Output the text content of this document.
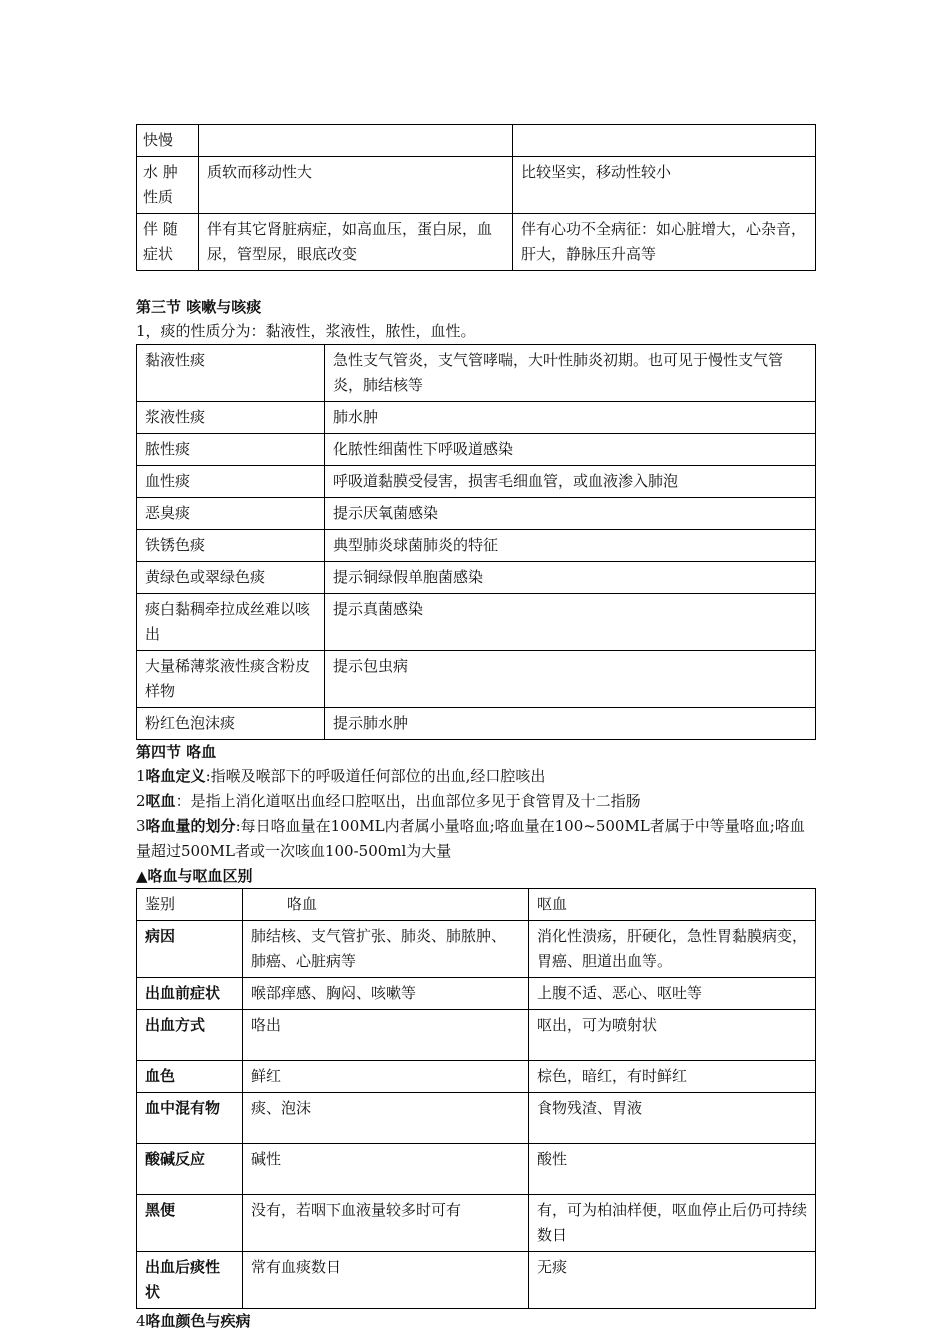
快慢		
水 肿性质	质软而移动性大	比较坚实，移动性较小
伴 随症状	伴有其它肾脏病症，如高血压，蛋白尿，血尿，管型尿，眼底改变	伴有心功不全病征：如心脏增大，心杂音，肝大，静脉压升高等
第三节 咳嗽与咳痰
1，痰的性质分为：黏液性，浆液性，脓性，血性。
黏液性痰	急性支气管炎，支气管哮喘，大叶性肺炎初期。也可见于慢性支气管炎，肺结核等
浆液性痰	肺水肿
脓性痰	化脓性细菌性下呼吸道感染
血性痰	呼吸道黏膜受侵害，损害毛细血管，或血液渗入肺泡
恶臭痰	提示厌氧菌感染
铁锈色痰	典型肺炎球菌肺炎的特征
黄绿色或翠绿色痰	提示铜绿假单胞菌感染
痰白黏稠牵拉成丝难以咳出	提示真菌感染
大量稀薄浆液性痰含粉皮样物	提示包虫病
粉红色泡沫痰	提示肺水肿
第四节 咯血
1咯血定义:指喉及喉部下的呼吸道任何部位的出血,经口腔咳出
2呕血：是指上消化道呕出血经口腔呕出，出血部位多见于食管胃及十二指肠
3咯血量的划分:每日咯血量在100ML内者属小量咯血;咯血量在100~500ML者属于中等量咯血;咯血量超过500ML者或一次咳血100-500ml为大量
▲咯血与呕血区别
鉴别	咯血	呕血
病因	肺结核、支气管扩张、肺炎、肺脓肿、肺癌、心脏病等	消化性溃疡，肝硬化，急性胃黏膜病变，胃癌、胆道出血等。
出血前症状	喉部痒感、胸闷、咳嗽等	上腹不适、恶心、呕吐等
出血方式	咯出	呕出，可为喷射状
血色	鲜红	棕色，暗红，有时鲜红
血中混有物	痰、泡沫	食物残渣、胃液
酸碱反应	碱性	酸性
黑便	没有，若咽下血液量较多时可有	有，可为柏油样便，呕血停止后仍可持续数日
出血后痰性状	常有血痰数日	无痰
4咯血颜色与疾病
